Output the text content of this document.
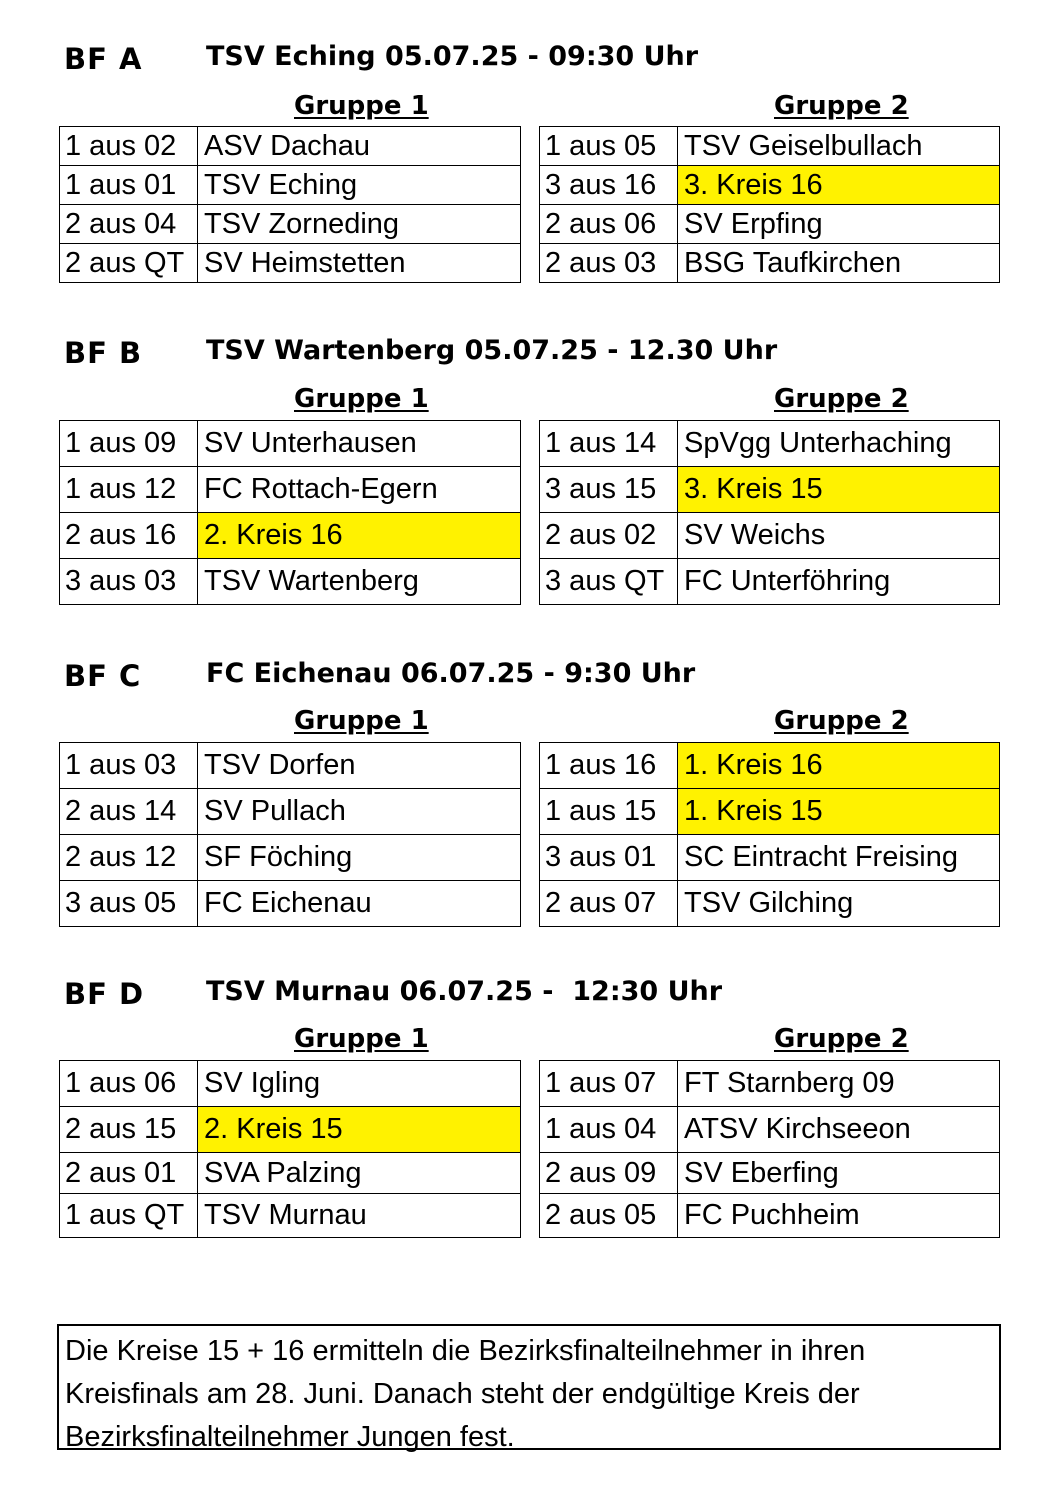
BF A TSV Eching 05.07.25 - 09:30 Uhr
Gruppe 1	Gruppe 2
1 aus 02	ASV Dachau
1 aus 01	TSV Eching
2 aus 04	TSV Zorneding
2 aus QT	SV Heimstetten
1 aus 05	TSV Geiselbullach
3 aus 16	3. Kreis 16
2 aus 06	SV Erpfing
2 aus 03	BSG Taufkirchen
BF B TSV Wartenberg 05.07.25 - 12.30 Uhr
Gruppe 1	Gruppe 2
1 aus 09	SV Unterhausen
1 aus 12	FC Rottach-Egern
2 aus 16	2. Kreis 16
3 aus 03	TSV Wartenberg
1 aus 14	SpVgg Unterhaching
3 aus 15	3. Kreis 15
2 aus 02	SV Weichs
3 aus QT	FC Unterföhring
BF C FC Eichenau 06.07.25 - 9:30 Uhr
Gruppe 1	Gruppe 2
1 aus 03	TSV Dorfen
2 aus 14	SV Pullach
2 aus 12	SF Föching
3 aus 05	FC Eichenau
1 aus 16	1. Kreis 16
1 aus 15	1. Kreis 15
3 aus 01	SC Eintracht Freising
2 aus 07	TSV Gilching
BF D TSV Murnau 06.07.25 -  12:30 Uhr
Gruppe 1	Gruppe 2
1 aus 06	SV Igling
2 aus 15	2. Kreis 15
2 aus 01	SVA Palzing
1 aus QT	TSV Murnau
1 aus 07	FT Starnberg 09
1 aus 04	ATSV Kirchseeon
2 aus 09	SV Eberfing
2 aus 05	FC Puchheim
Die Kreise 15 + 16 ermitteln die Bezirksfinalteilnehmer in ihren
Kreisfinals am 28. Juni. Danach steht der endgültige Kreis der
Bezirksfinalteilnehmer Jungen fest.
